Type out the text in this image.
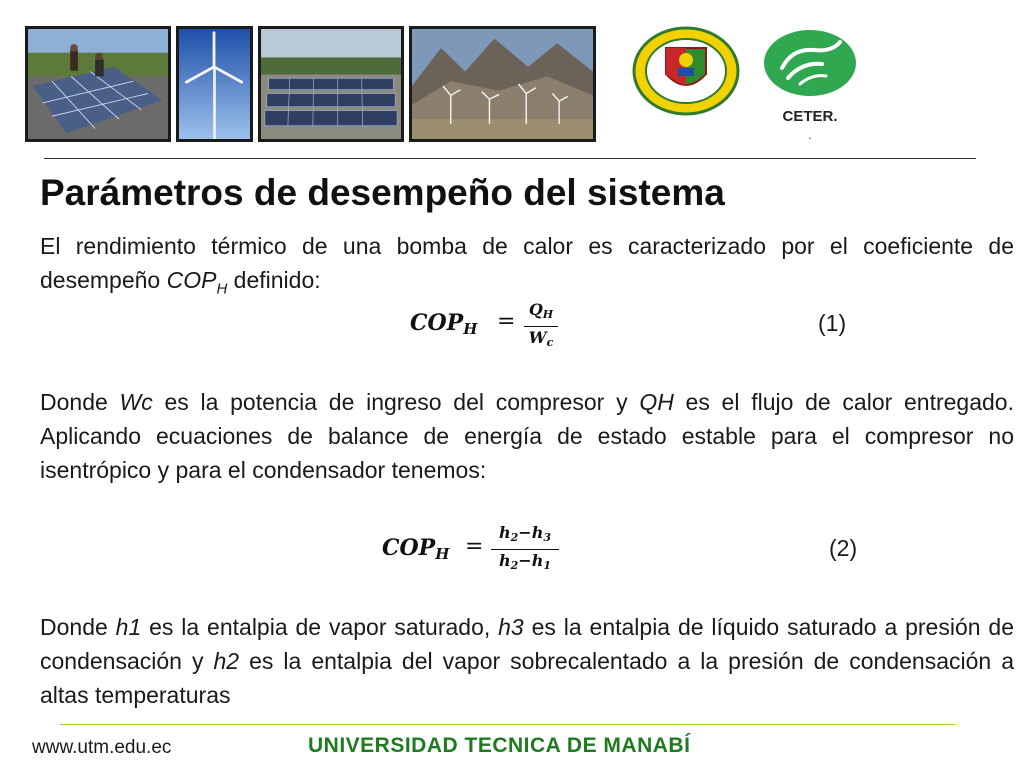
CETER.
.
Parámetros de desempeño del sistema
El rendimiento térmico de una bomba de calor es caracterizado por el coeficiente de desempeño $COP_H$ definido:
$COP_H = Q_H$
$W_c$
(1)
Donde Wc es la potencia de ingreso del compresor y QH es el flujo de calor entregado. Aplicando ecuaciones de balance de energía de estado estable para el compresor no isentrópico y para el condensador tenemos:
$COP_H$ =
$h_2-h_3$
$h_2-h_1$
(2)
Donde h1 es la entalpia de vapor saturado, h3 es la entalpia de líquido saturado a presión de condensación y h2 es la entalpia del vapor sobrecalentado a la presión de condensación a altas temperaturas
www.utm.edu.ec	UNIVERSIDAD TECNICA DE MANABÍ
